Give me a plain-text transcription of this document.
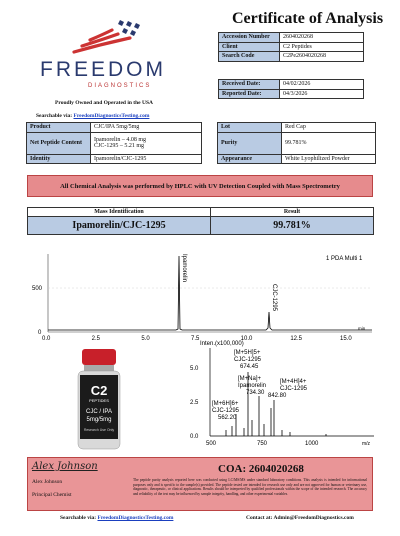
FREEDOM
DIAGNOSTICS
Proudly Owned and Operated in the USA
Searchable via: FreedomDiagnosticsTesting.com
Certificate of Analysis
Accession Number	2604020268
Client	C2 Peptides
Search Code	C2Pe2604020268
Received Date:	04/02/2026
Reported Date:	04/3/2026
Product	CJC/IPA 5mg/5mg
Net Peptide Content	Ipamorelin – 4.08 mg
CJC-1295 – 5.21 mg

Identity	Ipamorelin/CJC-1295
Lot	Red Cap
Purity	99.781%
Appearance	White Lyophilized Powder
All Chemical Analysis was performed by HPLC with UV Detection Coupled with Mass Spectrometry
Mass Identification	Result
Ipamorelin/CJC-1295	99.781%
500
0
1 PDA Multi 1
0.0	2.5	5.0	7.5	10.0	12.5	15.0
min
Ipamorelin
CJC-1295
C2
PEPTIDES
CJC / IPA
5mg/5mg
Research Use Only
Inten.(x100,000)
5.0
2.5
0.0
500	750	1000	m/z
[M+5H]5+
CJC-1295
674.45
[M+Na]+
Ipamorelin
734.30
[M+4H]4+
CJC-1295
842.80
[M+6H]6+
CJC-1295
562.20
Alex Johnson
Alex Johnson
Principal Chemist
COA: 2604020268
The peptide purity analysis reported here was conducted using LC/MS/MS under standard laboratory conditions. This analysis is intended for informational purposes only and is specific to the sample(s) provided. The peptide tested are intended for research use only and are not approved for human or veterinary use, diagnostic, therapeutic, or clinical applications. Results should be interpreted by qualified professionals within the scope of the intended research. The accuracy and reliability of the test may be influenced by sample integrity, handling, and other experimental variables.
Searchable via: FreedomDiagnosticsTesting.com	Contact at: Admin@FreedomDiagnostics.com
